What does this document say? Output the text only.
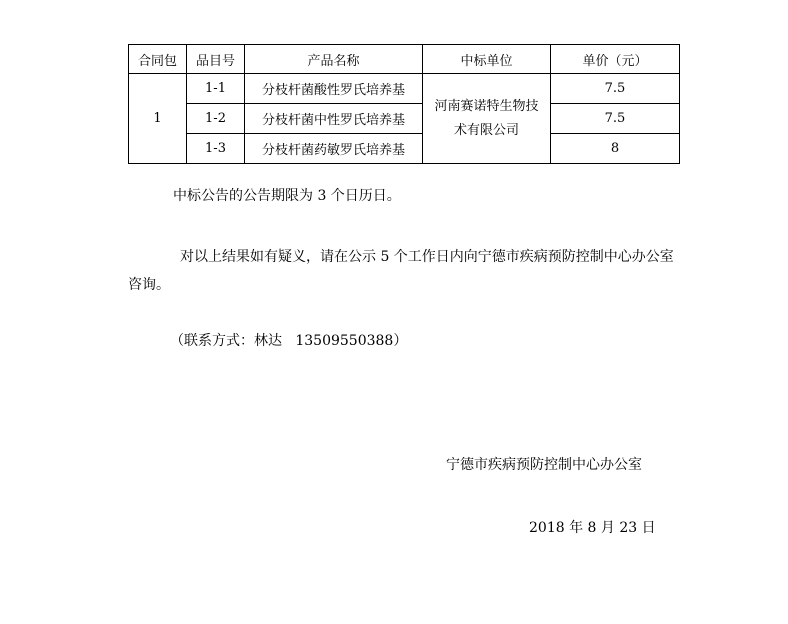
合同包	品目号	产品名称	中标单位	单价（元）
1	1-1	分枝杆菌酸性罗氏培养基	河南赛诺特生物技术有限公司	7.5
	1-2	分枝杆菌中性罗氏培养基		7.5
	1-3	分枝杆菌药敏罗氏培养基		8
中标公告的公告期限为 3 个日历日。
对以上结果如有疑义，请在公示 5 个工作日内向宁德市疾病预防控制中心办公室咨询。
（联系方式：林达   13509550388）
宁德市疾病预防控制中心办公室
2018 年 8 月 23 日
